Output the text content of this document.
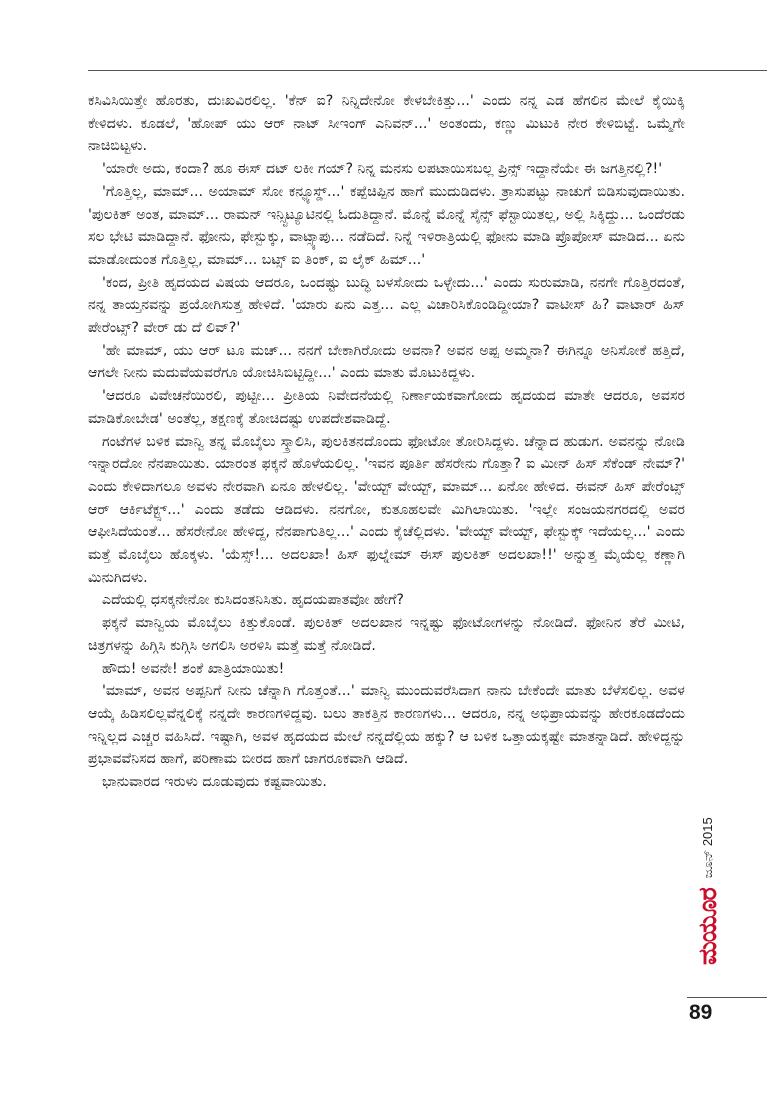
ಕಸಿವಿಸಿಯಿತ್ತೇ ಹೊರತು, ದುಃಖವಿರಲಿಲ್ಲ. 'ಕೆನ್ ಐ? ನಿನ್ನಿದೇನೋ ಕೇಳಬೇಕಿತ್ತು...' ಎಂದು ನನ್ನ ಎಡ ಹೆಗಲಿನ ಮೇಲೆ ಕೈಯಿಕ್ಕಿ ಕೇಳಿದಳು. ಕೂಡಲೆ, 'ಹೋಪ್ ಯು ಆರ್ ನಾಟ್ ಸೀಇಂಗ್ ಎನಿವನ್...' ಅಂತಂದು, ಕಣ್ಣು ಮಿಟುಕಿ ನೇರ ಕೇಳಿಬಿಟ್ಟೆ. ಒಮ್ಮೆಗೇ ನಾಚಿಬಿಟ್ಟಳು.

'ಯಾರೇ ಅದು, ಕಂದಾ? ಹೂ ಈಸ್ ದಟ್ ಲಕೀ ಗಯ್? ನಿನ್ನ ಮನಸು ಲಪಟಾಯಿಸಬಲ್ಲ ಪ್ರಿನ್ಸ್ ಇದ್ದಾನೆಯೇ ಈ ಜಗತ್ತಿನಲ್ಲಿ?!'

'ಗೊತ್ತಿಲ್ಲ, ಮಾಮ್... ಅಯಾಮ್ ಸೋ ಕನ್ಫ್ಯೂಸ್ಡ್...' ಕಪ್ಪೆಚಿಪ್ಪಿನ ಹಾಗೆ ಮುದುಡಿದಳು. ತ್ರಾಸುಪಟ್ಟು ನಾಚುಗೆ ಬಿಡಿಸುವುದಾಯಿತು. 'ಪುಲಕಿತ್ ಅಂತ, ಮಾಮ್... ರಾಮನ್ ಇನ್ಸ್ಟಿಟ್ಯೂಟಿನಲ್ಲಿ ಓದುತಿದ್ದಾನೆ. ಮೊನ್ನೆ ಮೊನ್ನೆ ಸೈನ್ಸ್ ಫೆಸ್ಟಾಯಿತಲ್ಲ, ಅಲ್ಲಿ ಸಿಕ್ಕಿದ್ದು... ಒಂದೆರಡು ಸಲ ಭೇಟಿ ಮಾಡಿದ್ದಾನೆ. ಫೋನು, ಫೇಸ್ಬುಕ್ಕು, ವಾಟ್ಸ್ಯಾಪು... ನಡೆದಿದೆ. ನಿನ್ನೆ ಇಳಿರಾತ್ರಿಯಲ್ಲಿ ಫೋನು ಮಾಡಿ ಪ್ರೊಪೋಸ್ ಮಾಡಿದ... ಏನು ಮಾಡೋದುಂತ ಗೊತ್ತಿಲ್ಲ, ಮಾಮ್... ಬಟ್ಸ್ ಐ ತಿಂಕ್, ಐ ಲೈಕ್ ಹಿಮ್...'

'ಕಂದ, ಪ್ರೀತಿ ಹೃದಯದ ವಿಷಯ ಆದರೂ, ಒಂದಷ್ಟು ಬುದ್ಧಿ ಬಳಸೋದು ಒಳ್ಳೇದು...' ಎಂದು ಸುರುಮಾಡಿ, ನನಗೇ ಗೊತ್ತಿರದಂತೆ, ನನ್ನ ತಾಯ್ತನವನ್ನು ಪ್ರಯೋಗಿಸುತ್ತ ಹೇಳಿದೆ. 'ಯಾರು ಏನು ಎತ್ತ... ಎಲ್ಲ ವಿಚಾರಿಸಿಕೊಂಡಿದ್ದೀಯಾ? ವಾಟೀಸ್ ಹಿ? ವಾಟಾರ್ ಹಿಸ್ ಪೇರೆಂಟ್ಸ್? ವೇರ್ ಡು ದೆ ಲಿವ್?'

'ಹೇ ಮಾಮ್, ಯು ಆರ್ ಟೂ ಮಚ್... ನನಗೆ ಬೇಕಾಗಿರೋದು ಅವನಾ? ಅವನ ಅಪ್ಪ ಅಮ್ಮನಾ? ಈಗಿನ್ನೂ ಅನಿಸೋಕೆ ಹತ್ತಿದೆ, ಆಗಲೇ ನೀನು ಮದುವೆಯವರೆಗೂ ಯೋಚಿಸಿಬಿಟ್ಟಿದ್ದೀ...' ಎಂದು ಮಾತು ಮೊಟುಕಿದ್ದಳು.

'ಆದರೂ ವಿವೇಚನೆಯಿರಲಿ, ಪುಟ್ಟೀ... ಪ್ರೀತಿಯ ನಿವೇದನೆಯಲ್ಲಿ ನಿರ್ಣಾಯಕವಾಗೋದು ಹೃದಯದ ಮಾತೇ ಆದರೂ, ಅವಸರ ಮಾಡಿಕೋಬೇಡ' ಅಂತೆಲ್ಲ, ತಕ್ಷಣಕ್ಕೆ ತೋಚಿದಷ್ಟು ಉಪದೇಶವಾಡಿದ್ದೆ.

ಗಂಟೆಗಳ ಬಳಿಕ ಮಾನ್ವಿ ತನ್ನ ಮೊಬೈಲು ಸ್ಕ್ರಾಲಿಸಿ, ಪುಲಕಿತನದೊಂದು ಫೋಟೋ ತೋರಿಸಿದ್ದಳು. ಚೆನ್ನಾದ ಹುಡುಗ. ಅವನನ್ನು ನೋಡಿ ಇನ್ನಾರದೋ ನೆನಪಾಯಿತು. ಯಾರಂತ ಫಕ್ಕನೆ ಹೊಳೆಯಲಿಲ್ಲ. 'ಇವನ ಪೂರ್ತಿ ಹೆಸರೇನು ಗೊತ್ತಾ? ಐ ಮೀನ್ ಹಿಸ್ ಸೆಕೆಂಡ್ ನೇಮ್?' ಎಂದು ಕೇಳಿದಾಗಲೂ ಅವಳು ನೇರವಾಗಿ ಏನೂ ಹೇಳಲಿಲ್ಲ. 'ವೇಯ್ಟ್ ವೇಯ್ಟ್, ಮಾಮ್... ಏನೋ ಹೇಳಿದ. ಈವನ್ ಹಿಸ್ ಪೇರೆಂಟ್ಸ್ ಆರ್ ಆರ್ಕಿಟೆಕ್ಟ್ಸ್...' ಎಂದು ತಡೆದು ಆಡಿದಳು. ನನಗೋ, ಕುತೂಹಲವೇ ಮಿಗಿಲಾಯಿತು. 'ಇಲ್ಲೇ ಸಂಜಯನಗರದಲ್ಲಿ ಅವರ ಆಫೀಸಿದೆಯಂತೆ... ಹೆಸರೇನೋ ಹೇಳಿದ್ದ, ನೆನಪಾಗುತಿಲ್ಲ...' ಎಂದು ಕೈಚೆಲ್ಲಿದಳು. 'ವೇಯ್ಟ್ ವೇಯ್ಟ್, ಫೇಸ್ಬುಕ್ಕ್ ಇದೆಯಲ್ಲ...' ಎಂದು ಮತ್ತೆ ಮೊಬೈಲು ಹೊಕ್ಕಳು. 'ಯೆಸ್ಸ್!... ಅದಲಖಾ! ಹಿಸ್ ಫುಲ್ನೇಮ್ ಈಸ್ ಪುಲಕಿತ್ ಅದಲಖಾ!!' ಅನ್ನುತ್ತ ಮೈಯೆಲ್ಲ ಕಣ್ಣಾಗಿ ಮಿನುಗಿದಳು.

ಎದೆಯಲ್ಲಿ ಧಸಕ್ಕನೇನೋ ಕುಸಿದಂತನಿಸಿತು. ಹೃದಯಪಾತವೋ ಹೇಗೆ?

ಫಕ್ಕನೆ ಮಾನ್ವಿಯ ಮೊಬೈಲು ಕಿತ್ತುಕೊಂಡೆ. ಪುಲಕಿತ್ ಅದಲಖಾನ ಇನ್ನಷ್ಟು ಫೋಟೋಗಳನ್ನು ನೋಡಿದೆ. ಫೋನಿನ ತೆರೆ ಮೀಟಿ, ಚಿತ್ರಗಳನ್ನು ಹಿಗ್ಗಿಸಿ ಕುಗ್ಗಿಸಿ ಅಗಲಿಸಿ ಅರಳಿಸಿ ಮತ್ತೆ ಮತ್ತೆ ನೋಡಿದೆ.

ಹೌದು! ಅವನೇ! ಶಂಕೆ ಖಾತ್ರಿಯಾಯಿತು!

'ಮಾಮ್, ಅವನ ಅಪ್ಪನಿಗೆ ನೀನು ಚೆನ್ನಾಗಿ ಗೊತ್ತಂತೆ...' ಮಾನ್ವಿ ಮುಂದುವರೆಸಿದಾಗ ನಾನು ಬೇಕೆಂದೇ ಮಾತು ಬೆಳೆಸಲಿಲ್ಲ. ಅವಳ ಆಯ್ಕೆ ಹಿಡಿಸಲಿಲ್ಲವೆನ್ನಲಿಕ್ಕೆ ನನ್ನದೇ ಕಾರಣಗಳಿದ್ದವು. ಬಲು ತಾಕತ್ತಿನ ಕಾರಣಗಳು... ಆದರೂ, ನನ್ನ ಅಭಿಪ್ರಾಯವನ್ನು ಹೇರಕೂಡದೆಂದು ಇನ್ನಿಲ್ಲದ ಎಚ್ಚರ ವಹಿಸಿದೆ. ಇಷ್ಟಾಗಿ, ಅವಳ ಹೃದಯದ ಮೇಲೆ ನನ್ನದೆಲ್ಲಿಯ ಹಕ್ಕು? ಆ ಬಳಿಕ ಒತ್ತಾಯಕ್ಕಷ್ಟೇ ಮಾತನ್ನಾಡಿದೆ. ಹೇಳಿದ್ದನ್ನು ಪ್ರಭಾವವೆನಿಸದ ಹಾಗೆ, ಪರಿಣಾಮ ಬೀರದ ಹಾಗೆ ಜಾಗರೂಕವಾಗಿ ಆಡಿದೆ.

ಭಾನುವಾರದ ಇರುಳು ದೂಡುವುದು ಕಷ್ಟವಾಯಿತು.

ಮಯೂರ
ಜೂನ್ 2015
89
